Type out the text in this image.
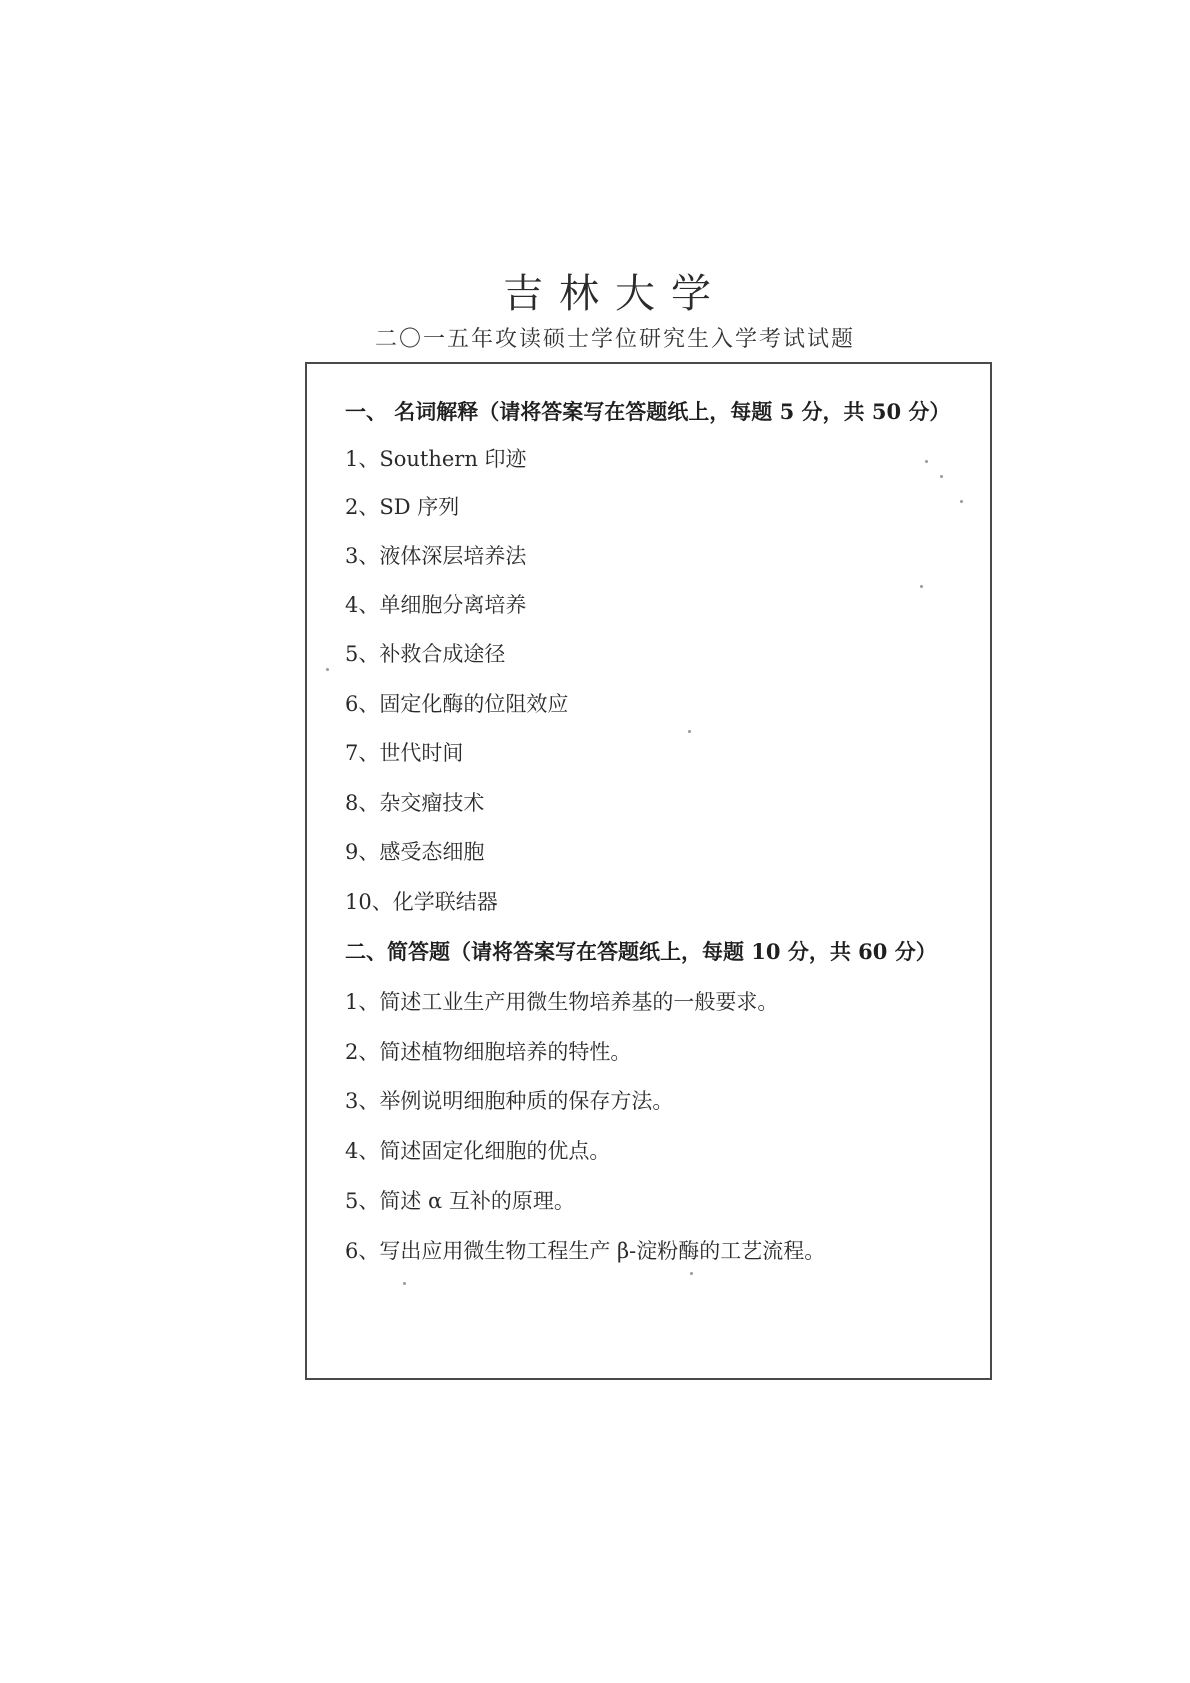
吉林大学
二〇一五年攻读硕士学位研究生入学考试试题
一、 名词解释（请将答案写在答题纸上，每题 5 分，共 50 分）
1、Southern 印迹
2、SD 序列
3、液体深层培养法
4、单细胞分离培养
5、补救合成途径
6、固定化酶的位阻效应
7、世代时间
8、杂交瘤技术
9、感受态细胞
10、化学联结器
二、简答题（请将答案写在答题纸上，每题 10 分，共 60 分）
1、简述工业生产用微生物培养基的一般要求。
2、简述植物细胞培养的特性。
3、举例说明细胞种质的保存方法。
4、简述固定化细胞的优点。
5、简述 α 互补的原理。
6、写出应用微生物工程生产 β-淀粉酶的工艺流程。
